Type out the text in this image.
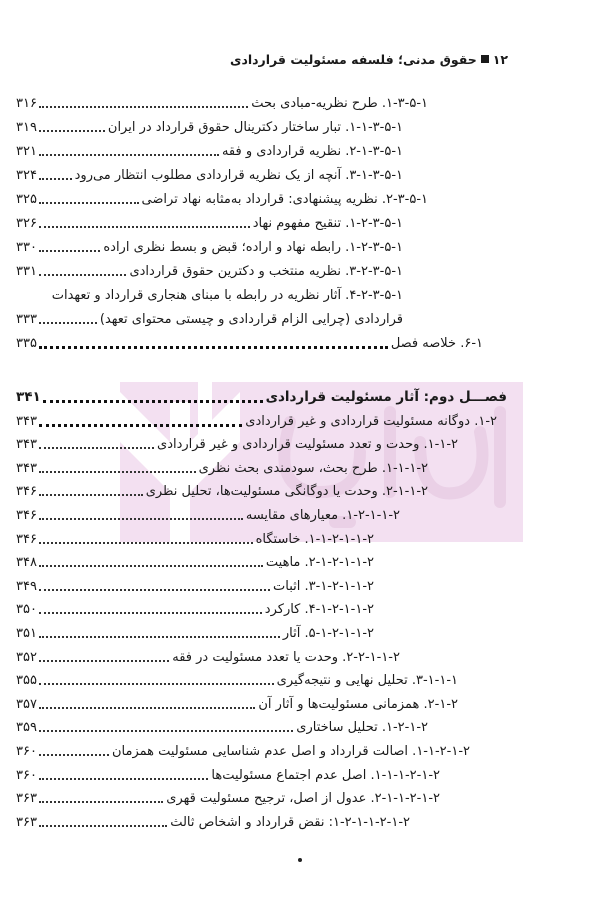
۱۲حقوق مدنی؛ فلسفه مسئولیت قراردادی
۳۱۶	۱-۵-۳-۱. طرح نظریه-مبادی بحث
۳۱۹	۱-۵-۳-۱-۱. تبار ساختار دکترینال حقوق قرارداد در ایران
۳۲۱	۱-۵-۳-۱-۲. نظریه قراردادی و فقه
۳۲۴	۱-۵-۳-۱-۳. آنچه از یک نظریه قراردادی مطلوب انتظار می‌رود
۳۲۵	۱-۵-۳-۲. نظریه پیشنهادی: قرارداد به‌مثابه نهاد تراضی
۳۲۶	۱-۵-۳-۲-۱. تنقیح مفهوم نهاد
۳۳۰	۱-۵-۳-۲-۱. رابطه نهاد و اراده؛ قبض و بسط نظری اراده
۳۳۱	۱-۵-۳-۲-۳. نظریه منتخب و دکترین حقوق قراردادی
۱-۵-۳-۲-۴. آثار نظریه در رابطه با مبنای هنجاری قرارداد و تعهدات
۳۳۳	قراردادی (چرایی الزام قراردادی و چیستی محتوای تعهد)
۳۳۵	۱-۶. خلاصه فصل
۳۴۱	فصـــل دوم: آثار مسئولیت قراردادی
۳۴۳	۲-۱. دوگانه مسئولیت قراردادی و غیر قراردادی
۳۴۳	۲-۱-۱. وحدت و تعدد مسئولیت قراردادی و غیر قراردادی
۳۴۳	۲-۱-۱-۱. طرح بحث، سودمندی بحث نظری
۳۴۶	۲-۱-۱-۲. وحدت یا دوگانگی مسئولیت‌ها، تحلیل نظری
۳۴۶	۲-۱-۱-۲-۱. معیارهای مقایسه
۳۴۶	۲-۱-۱-۲-۱-۱. خاستگاه
۳۴۸	۲-۱-۱-۲-۱-۲. ماهیت
۳۴۹	۲-۱-۱-۲-۱-۳. اثبات
۳۵۰	۲-۱-۱-۲-۱-۴. کارکرد
۳۵۱	۲-۱-۱-۲-۱-۵. آثار
۳۵۲	۲-۱-۱-۲-۲. وحدت یا تعدد مسئولیت در فقه
۳۵۵	۱-۱-۱-۳. تحلیل نهایی و نتیجه‌گیری
۳۵۷	۲-۱-۲. همزمانی مسئولیت‌ها و آثار آن
۳۵۹	۲-۱-۲-۱. تحلیل ساختاری
۳۶۰	۲-۱-۲-۱-۱. اصالت قرارداد و اصل عدم شناسایی مسئولیت همزمان
۳۶۰	۲-۱-۲-۱-۱-۱. اصل عدم اجتماع مسئولیت‌ها
۳۶۳	۲-۱-۲-۱-۱-۲. عدول از اصل، ترجیح مسئولیت قهری
۳۶۳	۲-۱-۲-۱-۱-۲-۱: نقض قرارداد و اشخاص ثالث
